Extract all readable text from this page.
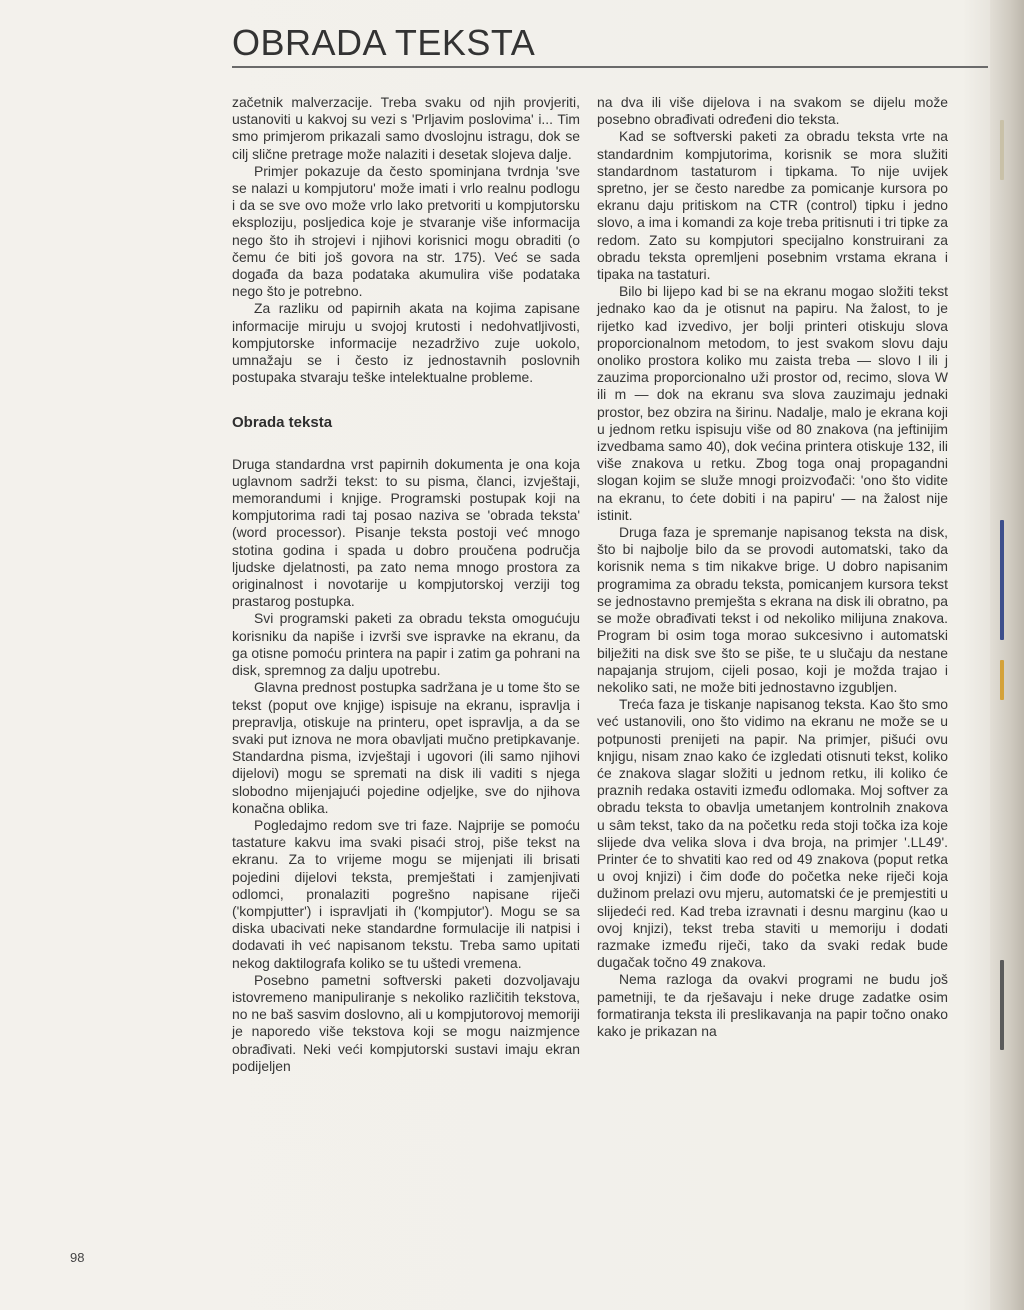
OBRADA TEKSTA

začetnik malverzacije. Treba svaku od njih provjeriti, ustanoviti u kakvoj su vezi s 'Prljavim poslovima' i... Tim smo primjerom prikazali samo dvoslojnu istragu, dok se cilj slične pretrage može nalaziti i desetak slojeva dalje.

Primjer pokazuje da često spominjana tvrdnja 'sve se nalazi u kompjutoru' može imati i vrlo realnu podlogu i da se sve ovo može vrlo lako pretvoriti u kompjutorsku eksploziju, posljedica koje je stvaranje više informacija nego što ih strojevi i njihovi korisnici mogu obraditi (o čemu će biti još govora na str. 175). Već se sada događa da baza podataka akumulira više podataka nego što je potrebno.

Za razliku od papirnih akata na kojima zapisane informacije miruju u svojoj krutosti i nedohvatljivosti, kompjutorske informacije nezadrživo zuje uokolo, umnažaju se i često iz jednostavnih poslovnih postupaka stvaraju teške intelektualne probleme.

Obrada teksta

Druga standardna vrst papirnih dokumenta je ona koja uglavnom sadrži tekst: to su pisma, članci, izvještaji, memorandumi i knjige. Programski postupak koji na kompjutorima radi taj posao naziva se 'obrada teksta' (word processor). Pisanje teksta postoji već mnogo stotina godina i spada u dobro proučena područja ljudske djelatnosti, pa zato nema mnogo prostora za originalnost i novotarije u kompjutorskoj verziji tog prastarog postupka.

Svi programski paketi za obradu teksta omogućuju korisniku da napiše i izvrši sve ispravke na ekranu, da ga otisne pomoću printera na papir i zatim ga pohrani na disk, spremnog za dalju upotrebu.

Glavna prednost postupka sadržana je u tome što se tekst (poput ove knjige) ispisuje na ekranu, ispravlja i prepravlja, otiskuje na printeru, opet ispravlja, a da se svaki put iznova ne mora obavljati mučno pretipkavanje. Standardna pisma, izvještaji i ugovori (ili samo njihovi dijelovi) mogu se spremati na disk ili vaditi s njega slobodno mijenjajući pojedine odjeljke, sve do njihova konačna oblika.

Pogledajmo redom sve tri faze. Najprije se pomoću tastature kakvu ima svaki pisaći stroj, piše tekst na ekranu. Za to vrijeme mogu se mijenjati ili brisati pojedini dijelovi teksta, premještati i zamjenjivati odlomci, pronalaziti pogrešno napisane riječi ('kompjutter') i ispravljati ih ('kompjutor'). Mogu se sa diska ubacivati neke standardne formulacije ili natpisi i dodavati ih već napisanom tekstu. Treba samo upitati nekog daktilografa koliko se tu uštedi vremena.

Posebno pametni softverski paketi dozvoljavaju istovremeno manipuliranje s nekoliko različitih tekstova, no ne baš sasvim doslovno, ali u kompjutorovoj memoriji je naporedo više tekstova koji se mogu naizmjence obrađivati. Neki veći kompjutorski sustavi imaju ekran podijeljen

na dva ili više dijelova i na svakom se dijelu može posebno obrađivati određeni dio teksta.

Kad se softverski paketi za obradu teksta vrte na standardnim kompjutorima, korisnik se mora služiti standardnom tastaturom i tipkama. To nije uvijek spretno, jer se često naredbe za pomicanje kursora po ekranu daju pritiskom na CTR (control) tipku i jedno slovo, a ima i komandi za koje treba pritisnuti i tri tipke za redom. Zato su kompjutori specijalno konstruirani za obradu teksta opremljeni posebnim vrstama ekrana i tipaka na tastaturi.

Bilo bi lijepo kad bi se na ekranu mogao složiti tekst jednako kao da je otisnut na papiru. Na žalost, to je rijetko kad izvedivo, jer bolji printeri otiskuju slova proporcionalnom metodom, to jest svakom slovu daju onoliko prostora koliko mu zaista treba — slovo I ili j zauzima proporcionalno uži prostor od, recimo, slova W ili m — dok na ekranu sva slova zauzimaju jednaki prostor, bez obzira na širinu. Nadalje, malo je ekrana koji u jednom retku ispisuju više od 80 znakova (na jeftinijim izvedbama samo 40), dok većina printera otiskuje 132, ili više znakova u retku. Zbog toga onaj propagandni slogan kojim se služe mnogi proizvođači: 'ono što vidite na ekranu, to ćete dobiti i na papiru' — na žalost nije istinit.

Druga faza je spremanje napisanog teksta na disk, što bi najbolje bilo da se provodi automatski, tako da korisnik nema s tim nikakve brige. U dobro napisanim programima za obradu teksta, pomicanjem kursora tekst se jednostavno premješta s ekrana na disk ili obratno, pa se može obrađivati tekst i od nekoliko milijuna znakova. Program bi osim toga morao sukcesivno i automatski bilježiti na disk sve što se piše, te u slučaju da nestane napajanja strujom, cijeli posao, koji je možda trajao i nekoliko sati, ne može biti jednostavno izgubljen.

Treća faza je tiskanje napisanog teksta. Kao što smo već ustanovili, ono što vidimo na ekranu ne može se u potpunosti prenijeti na papir. Na primjer, pišući ovu knjigu, nisam znao kako će izgledati otisnuti tekst, koliko će znakova slagar složiti u jednom retku, ili koliko će praznih redaka ostaviti između odlomaka. Moj softver za obradu teksta to obavlja umetanjem kontrolnih znakova u sâm tekst, tako da na početku reda stoji točka iza koje slijede dva velika slova i dva broja, na primjer '.LL49'. Printer će to shvatiti kao red od 49 znakova (poput retka u ovoj knjizi) i čim dođe do početka neke riječi koja dužinom prelazi ovu mjeru, automatski će je premjestiti u slijedeći red. Kad treba izravnati i desnu marginu (kao u ovoj knjizi), tekst treba staviti u memoriju i dodati razmake između riječi, tako da svaki redak bude dugačak točno 49 znakova.

Nema razloga da ovakvi programi ne budu još pametniji, te da rješavaju i neke druge zadatke osim formatiranja teksta ili preslikavanja na papir točno onako kako je prikazan na

98
